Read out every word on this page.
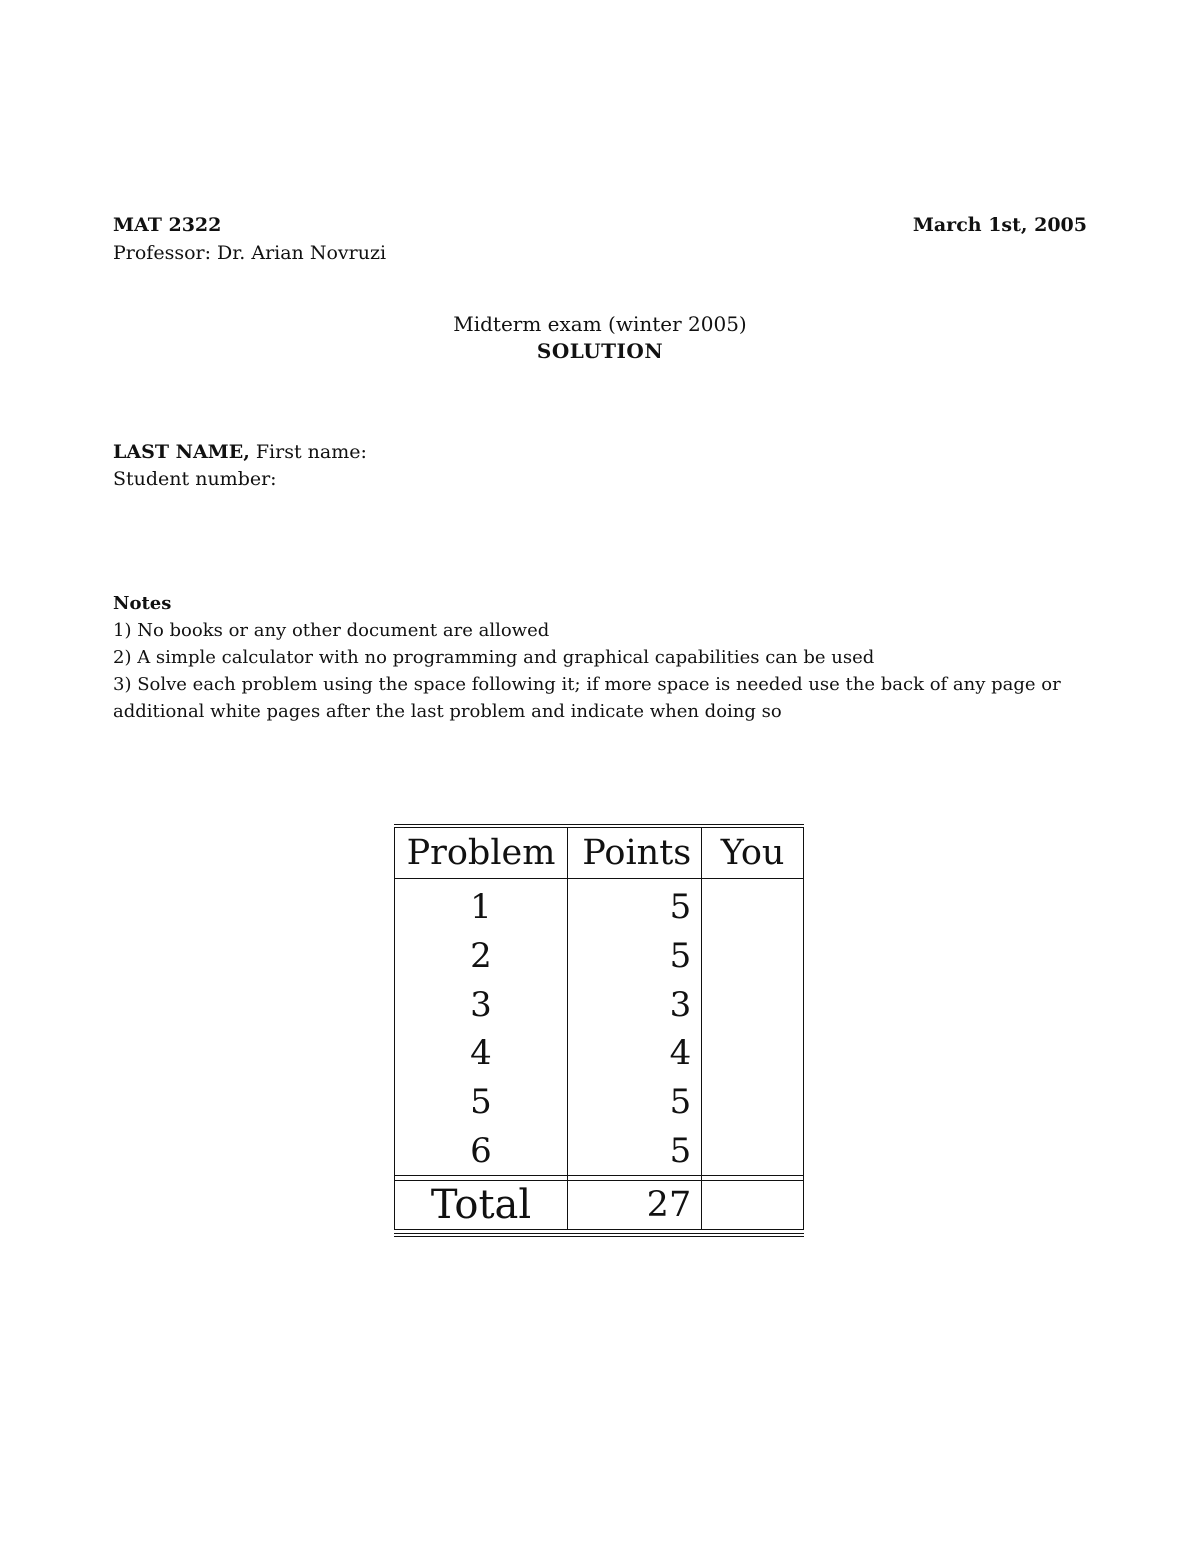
MAT 2322	March 1st, 2005
Professor: Dr. Arian Novruzi
Midterm exam (winter 2005)
SOLUTION
LAST NAME, First name:
Student number:
Notes
1) No books or any other document are allowed
2) A simple calculator with no programming and graphical capabilities can be used
3) Solve each problem using the space following it; if more space is needed use the back of any page or additional white pages after the last problem and indicate when doing so
Problem	Points	You
1	5	
2	5	
3	3	
4	4	
5	5	
6	5	

Total	27	
